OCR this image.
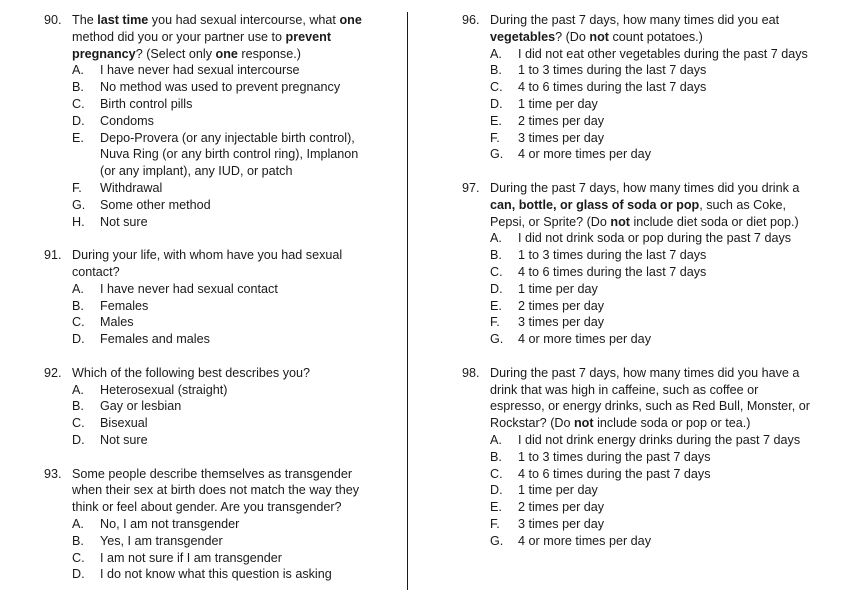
90. The last time you had sexual intercourse, what one method did you or your partner use to prevent pregnancy? (Select only one response.)
A.	I have never had sexual intercourse
B.	No method was used to prevent pregnancy
C.	Birth control pills
D.	Condoms
E.	Depo-Provera (or any injectable birth control), Nuva Ring (or any birth control ring), Implanon (or any implant), any IUD, or patch
F.	Withdrawal
G.	Some other method
H.	Not sure
91. During your life, with whom have you had sexual contact?
A.	I have never had sexual contact
B.	Females
C.	Males
D.	Females and males
92. Which of the following best describes you?
A.	Heterosexual (straight)
B.	Gay or lesbian
C.	Bisexual
D.	Not sure
93. Some people describe themselves as transgender when their sex at birth does not match the way they think or feel about gender. Are you transgender?
A.	No, I am not transgender
B.	Yes, I am transgender
C.	I am not sure if I am transgender
D.	I do not know what this question is asking
96. During the past 7 days, how many times did you eat vegetables? (Do not count potatoes.)
A.	I did not eat other vegetables during the past 7 days
B.	1 to 3 times during the last 7 days
C.	4 to 6 times during the last 7 days
D.	1 time per day
E.	2 times per day
F.	3 times per day
G.	4 or more times per day
97. During the past 7 days, how many times did you drink a can, bottle, or glass of soda or pop, such as Coke, Pepsi, or Sprite? (Do not include diet soda or diet pop.)
A.	I did not drink soda or pop during the past 7 days
B.	1 to 3 times during the last 7 days
C.	4 to 6 times during the last 7 days
D.	1 time per day
E.	2 times per day
F.	3 times per day
G.	4 or more times per day
98. During the past 7 days, how many times did you have a drink that was high in caffeine, such as coffee or espresso, or energy drinks, such as Red Bull, Monster, or Rockstar? (Do not include soda or pop or tea.)
A.	I did not drink energy drinks during the past 7 days
B.	1 to 3 times during the past 7 days
C.	4 to 6 times during the past 7 days
D.	1 time per day
E.	2 times per day
F.	3 times per day
G.	4 or more times per day
